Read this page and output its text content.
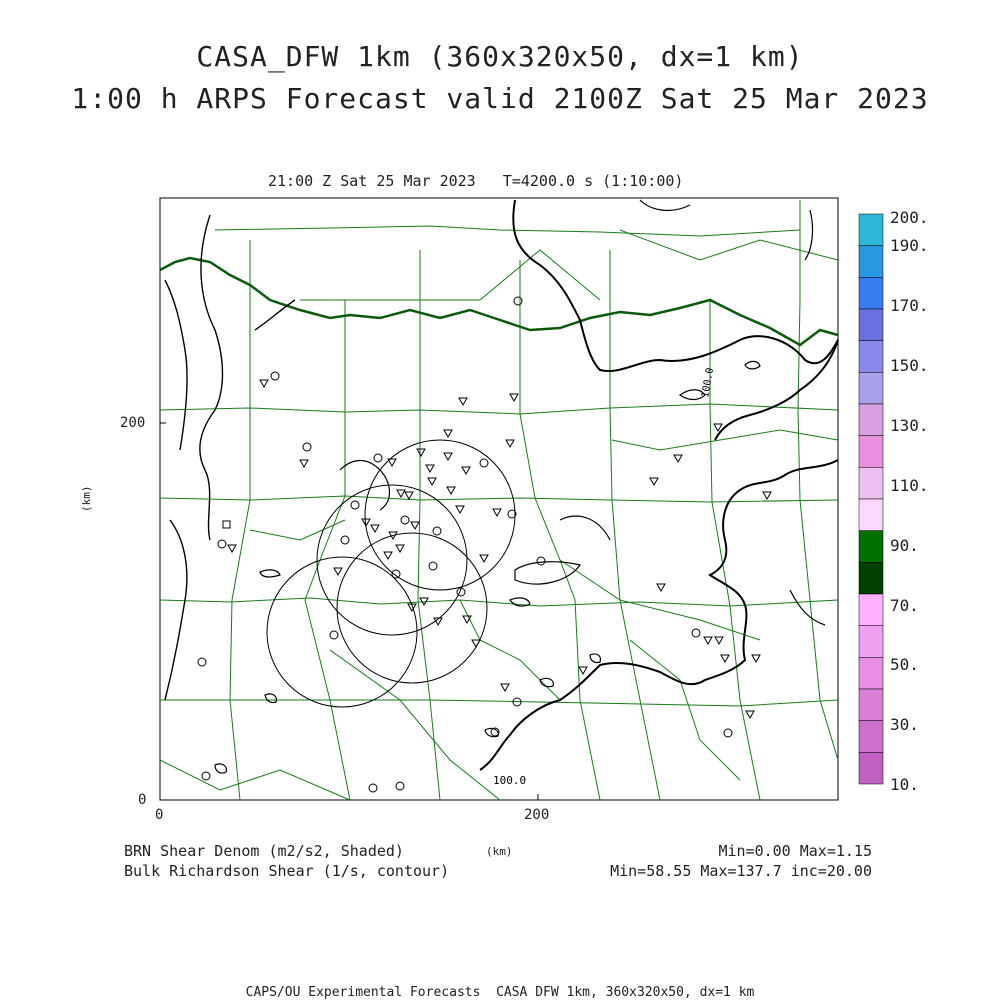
CASA_DFW 1km (360x320x50, dx=1 km)
1:00 h ARPS Forecast valid 2100Z Sat 25 Mar 2023
21:00 Z Sat 25 Mar 2023   T=4200.0 s (1:10:00)
100.0
100.0
200
0
0	200
(km)
200.
190.
170.
150.
130.
110.
90.
70.
50.
30.
10.
BRN Shear Denom (m2/s2, Shaded)
Bulk Richardson Shear (1/s, contour)
(km)	Min=0.00 Max=1.15
Min=58.55 Max=137.7 inc=20.00
CAPS/OU Experimental Forecasts  CASA DFW 1km, 360x320x50, dx=1 km
